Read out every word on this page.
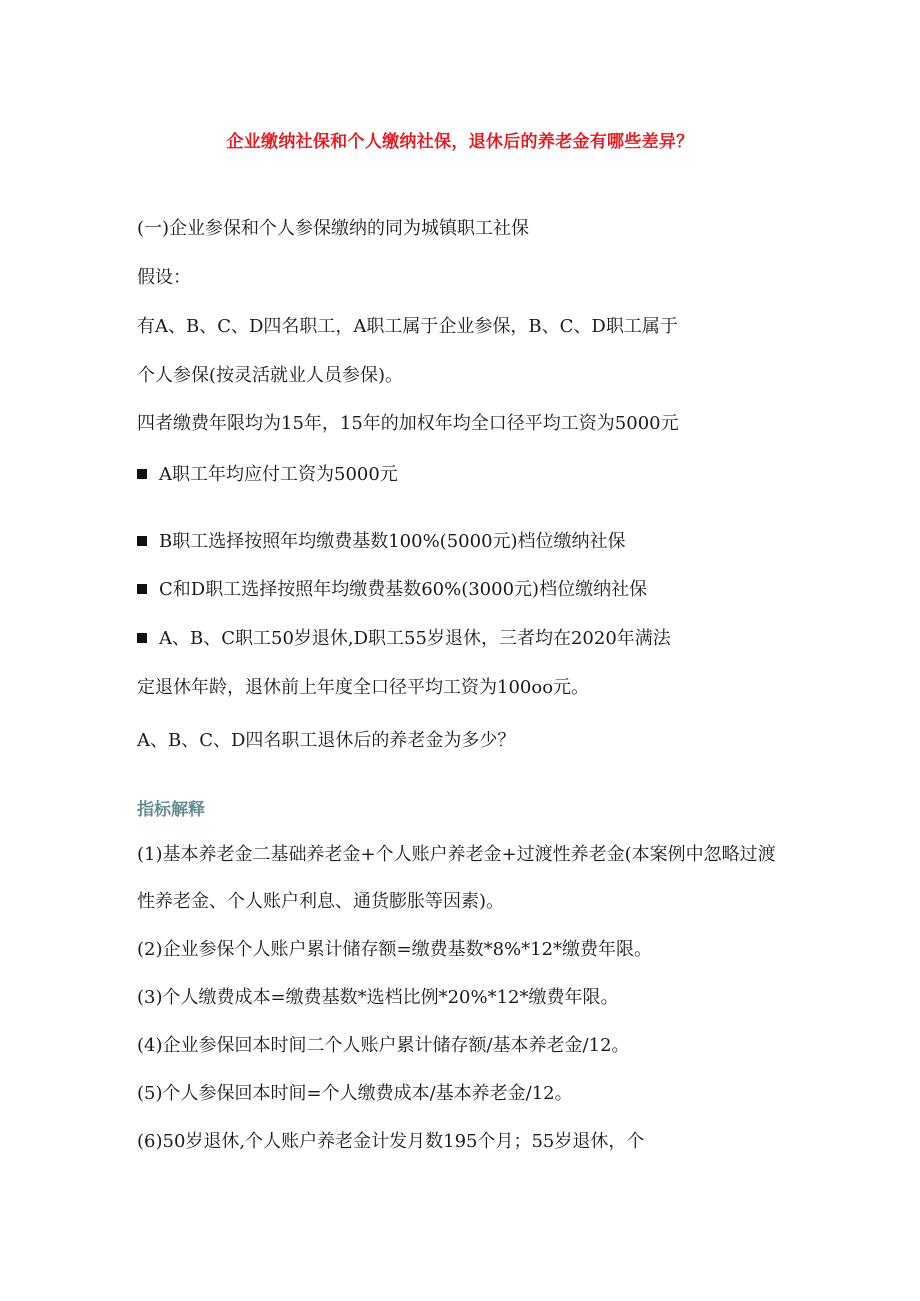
企业缴纳社保和个人缴纳社保，退休后的养老金有哪些差异？
(一)企业参保和个人参保缴纳的同为城镇职工社保
假设：
有A、B、C、D四名职工，A职工属于企业参保，B、C、D职工属于
个人参保(按灵活就业人员参保)。
四者缴费年限均为15年，15年的加权年均全口径平均工资为5000元
A职工年均应付工资为5000元
B职工选择按照年均缴费基数100%(5000元)档位缴纳社保
C和D职工选择按照年均缴费基数60%(3000元)档位缴纳社保
A、B、C职工50岁退休,D职工55岁退休，三者均在2020年满法
定退休年龄，退休前上年度全口径平均工资为100oo元。
A、B、C、D四名职工退休后的养老金为多少？
指标解释
(1)基本养老金二基础养老金+个人账户养老金+过渡性养老金(本案例中忽略过渡
性养老金、个人账户利息、通货膨胀等因素)。
(2)企业参保个人账户累计储存额=缴费基数*8%*12*缴费年限。
(3)个人缴费成本=缴费基数*选档比例*20%*12*缴费年限。
(4)企业参保回本时间二个人账户累计储存额/基本养老金/12。
(5)个人参保回本时间=个人缴费成本/基本养老金/12。
(6)50岁退休,个人账户养老金计发月数195个月；55岁退休，个
